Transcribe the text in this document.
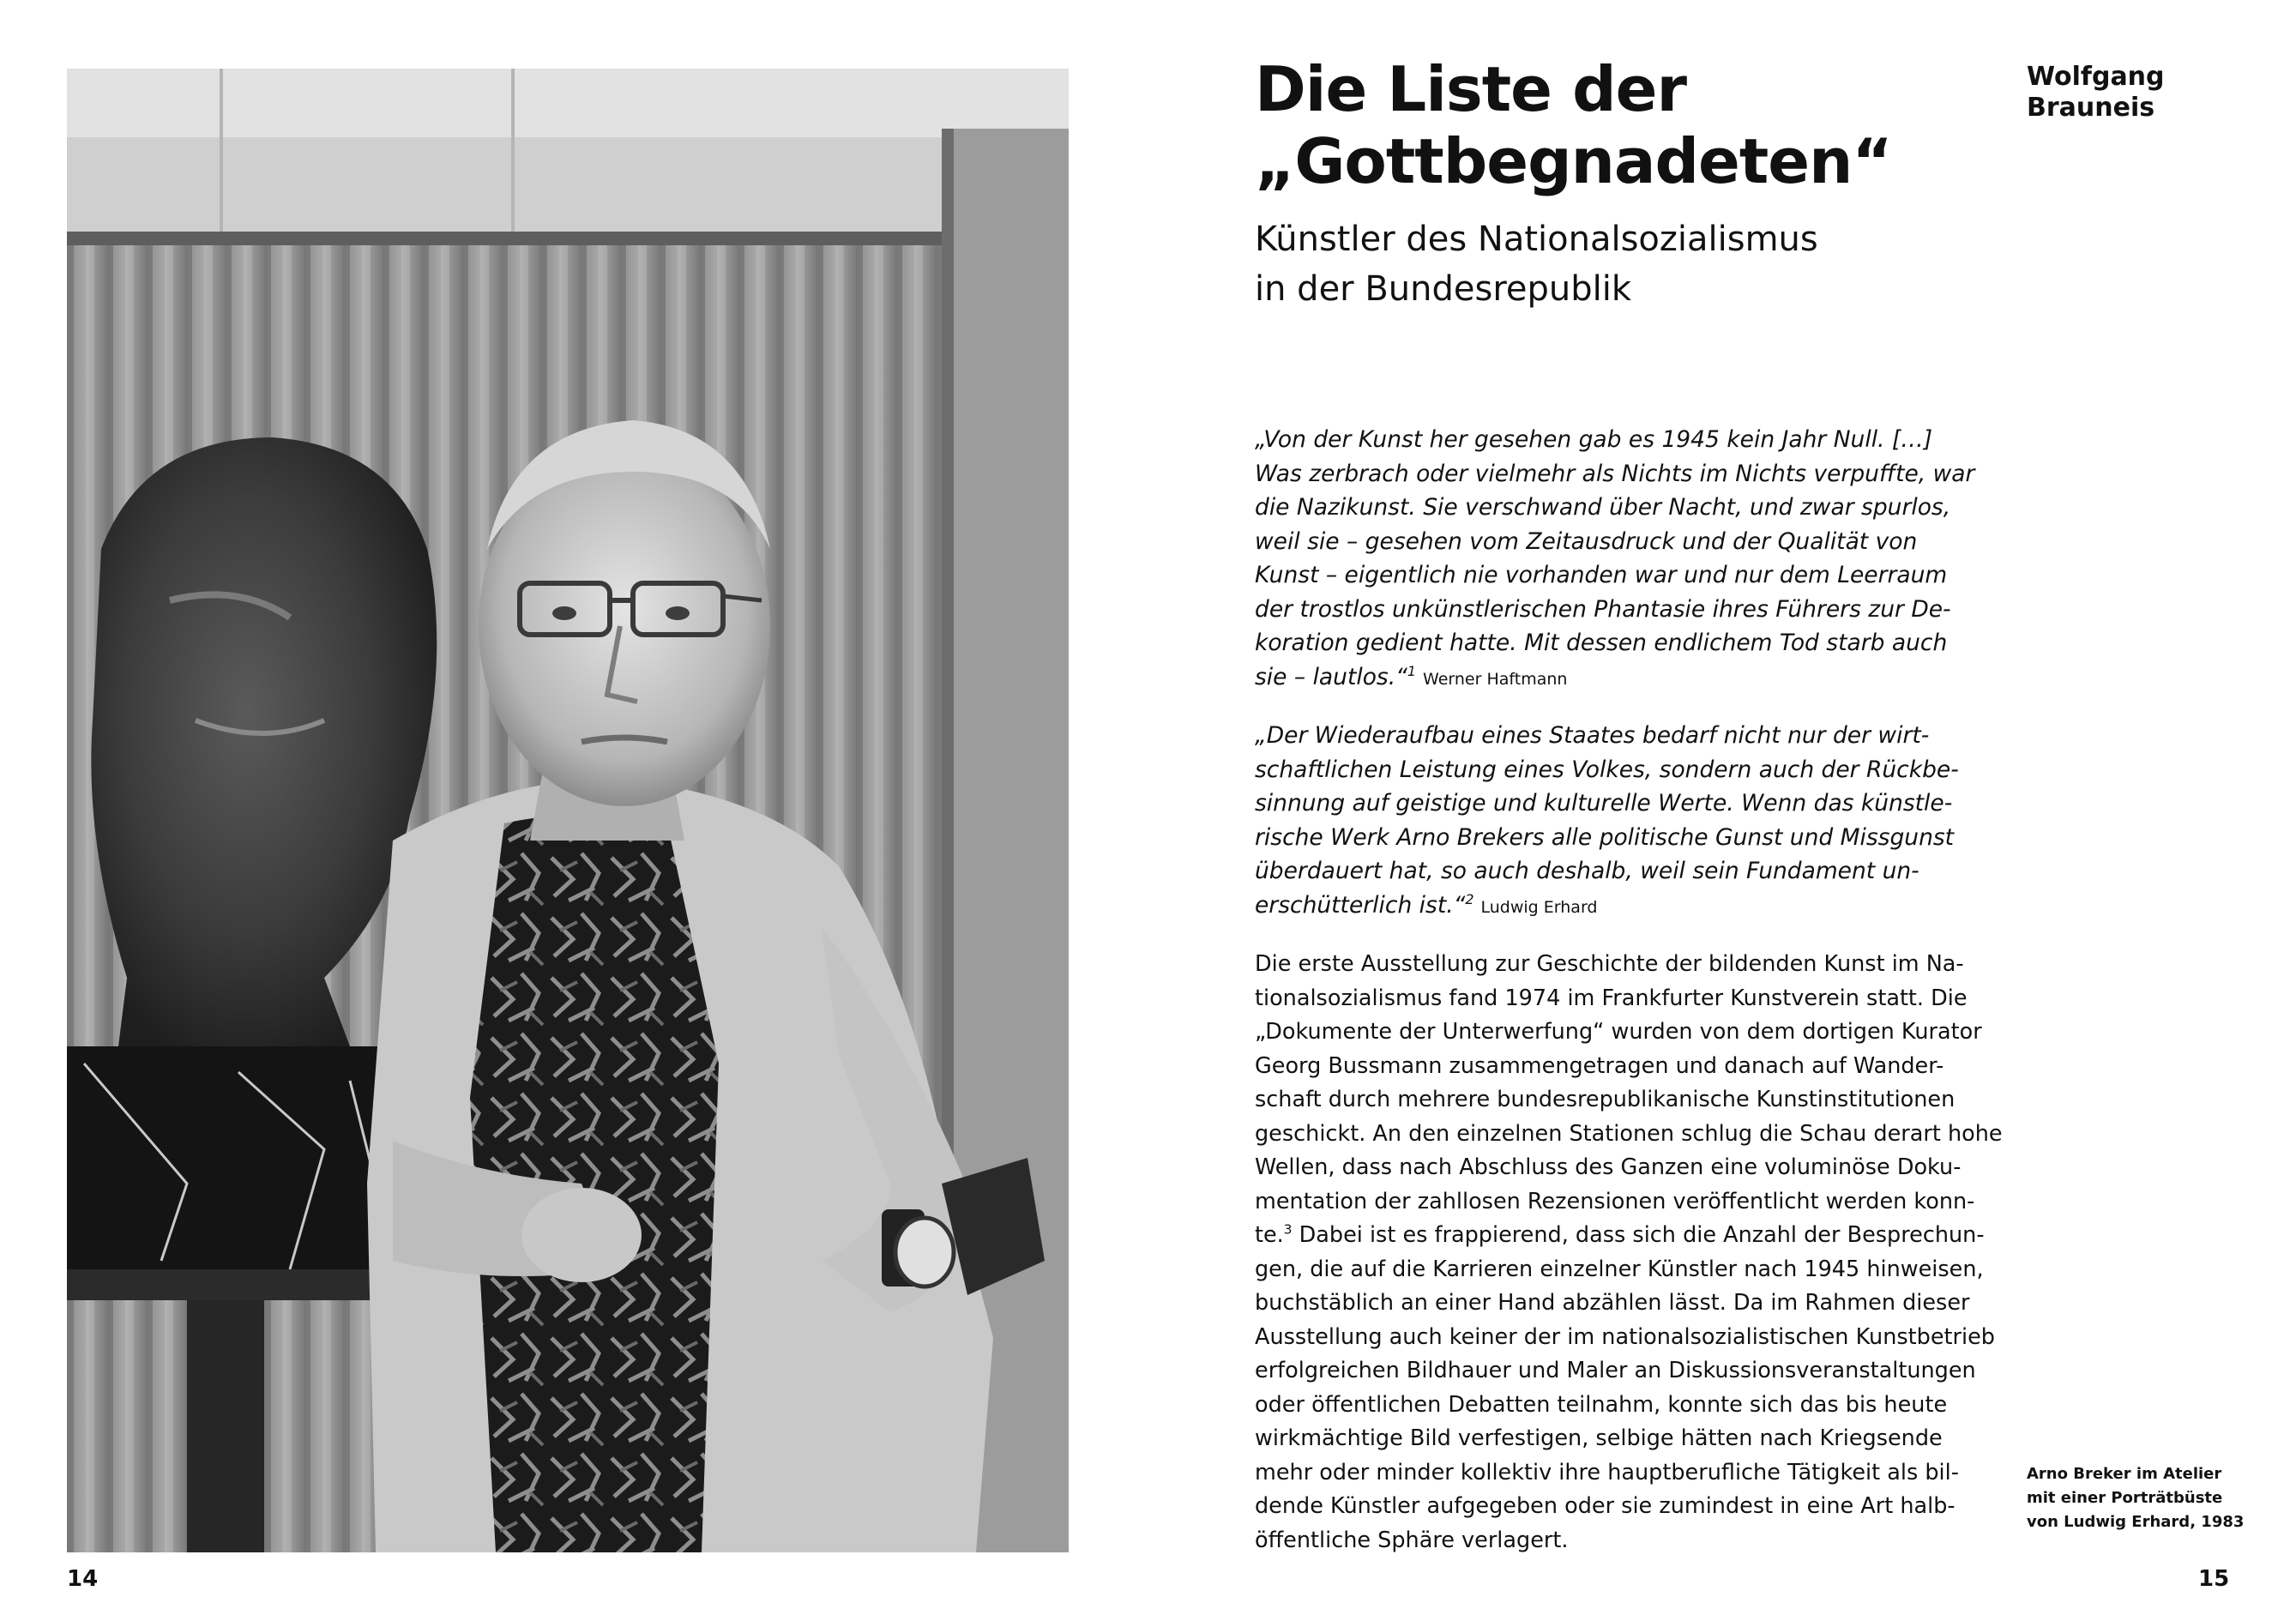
14
Wolfgang
Brauneis
Die Liste der
„Gottbegnadeten“
Künstler des Nationalsozialismus
in der Bundesrepublik
„Von der Kunst her gesehen gab es 1945 kein Jahr Null. […]
Was zerbrach oder vielmehr als Nichts im Nichts verpuffte, war
die Nazikunst. Sie verschwand über Nacht, und zwar spurlos,
weil sie – gesehen vom Zeitausdruck und der Qualität von
Kunst – eigentlich nie vorhanden war und nur dem Leerraum
der trostlos unkünstlerischen Phantasie ihres Führers zur De-
koration gedient hatte. Mit dessen endlichem Tod starb auch
sie – lautlos.“$^1$ Werner Haftmann
„Der Wiederaufbau eines Staates bedarf nicht nur der wirt-
schaftlichen Leistung eines Volkes, sondern auch der Rückbe-
sinnung auf geistige und kulturelle Werte. Wenn das künstle-
rische Werk Arno Brekers alle politische Gunst und Missgunst
überdauert hat, so auch deshalb, weil sein Fundament un-
erschütterlich ist.“$^2$ Ludwig Erhard
Die erste Ausstellung zur Geschichte der bildenden Kunst im Na-
tionalsozialismus fand 1974 im Frankfurter Kunstverein statt. Die
„Dokumente der Unterwerfung“ wurden von dem dortigen Kurator
Georg Bussmann zusammengetragen und danach auf Wander-
schaft durch mehrere bundesrepublikanische Kunstinstitutionen
geschickt. An den einzelnen Stationen schlug die Schau derart hohe
Wellen, dass nach Abschluss des Ganzen eine voluminöse Doku-
mentation der zahllosen Rezensionen veröffentlicht werden konn-
te.$^3$ Dabei ist es frappierend, dass sich die Anzahl der Besprechun-
gen, die auf die Karrieren einzelner Künstler nach 1945 hinweisen,
buchstäblich an einer Hand abzählen lässt. Da im Rahmen dieser
Ausstellung auch keiner der im nationalsozialistischen Kunstbetrieb
erfolgreichen Bildhauer und Maler an Diskussionsveranstaltungen
oder öffentlichen Debatten teilnahm, konnte sich das bis heute
wirkmächtige Bild verfestigen, selbige hätten nach Kriegsende
mehr oder minder kollektiv ihre hauptberufliche Tätigkeit als bil-
dende Künstler aufgegeben oder sie zumindest in eine Art halb-
öffentliche Sphäre verlagert.
Arno Breker im Atelier
mit einer Porträtbüste
von Ludwig Erhard, 1983
15
